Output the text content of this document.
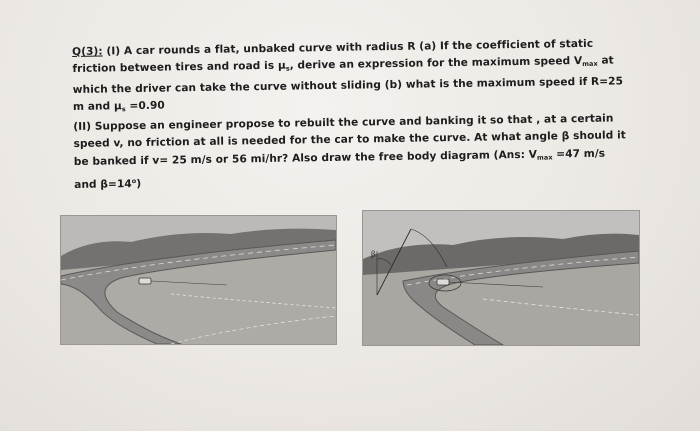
Q(3): (I) A car rounds a flat, unbaked curve with radius R (a) If the coefficient of static
friction between tires and road is $\mu_s$, derive an expression for the maximum speed $V_{max}$ at
which the driver can take the curve without sliding (b) what is the maximum speed if R=25
m and $\mu_s =0.90$
(II) Suppose an engineer propose to rebuilt the curve and banking it so that , at a certain
speed v, no friction at all is needed for the car to make the curve. At what angle β should it
be banked if v= 25 m/s or 56 mi/hr? Also draw the free body diagram (Ans: $V_{max} =47$ m/s
and $\beta=14^o$)
β
